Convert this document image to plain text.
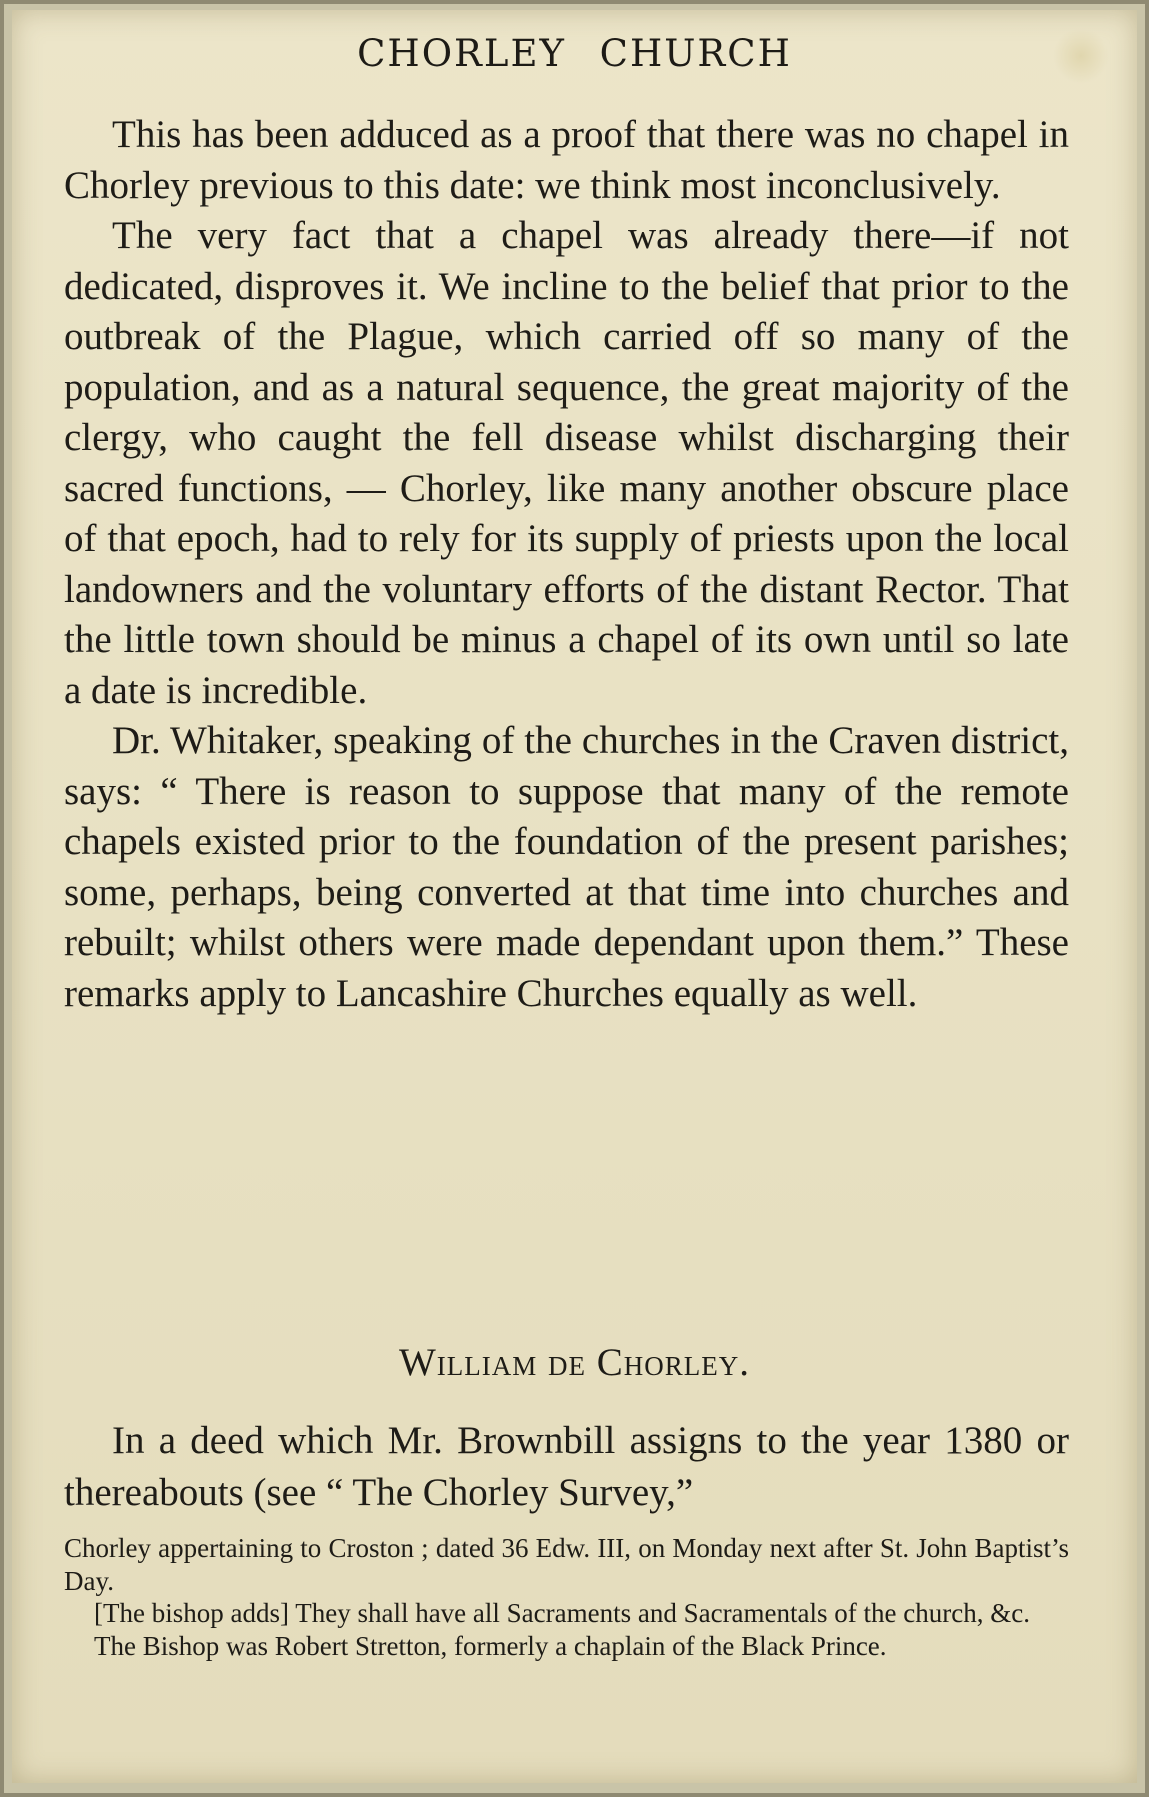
CHORLEY CHURCH

This has been adduced as a proof that there was no chapel in Chorley previous to this date: we think most inconclusively.

The very fact that a chapel was already there—if not dedicated, disproves it. We incline to the belief that prior to the outbreak of the Plague, which carried off so many of the population, and as a natural sequence, the great majority of the clergy, who caught the fell disease whilst discharging their sacred functions, — Chorley, like many another obscure place of that epoch, had to rely for its supply of priests upon the local landowners and the voluntary efforts of the distant Rector. That the little town should be minus a chapel of its own until so late a date is incredible.

Dr. Whitaker, speaking of the churches in the Craven district, says: “ There is reason to suppose that many of the remote chapels existed prior to the foundation of the present parishes; some, perhaps, being converted at that time into churches and rebuilt; whilst others were made dependant upon them.” These remarks apply to Lancashire Churches equally as well.

William de Chorley.

In a deed which Mr. Brownbill assigns to the year 1380 or thereabouts (see “ The Chorley Survey,”

Chorley appertaining to Croston ; dated 36 Edw. III, on Monday next after St. John Baptist’s Day.

[The bishop adds] They shall have all Sacraments and Sacramentals of the church, &c.

The Bishop was Robert Stretton, formerly a chaplain of the Black Prince.
